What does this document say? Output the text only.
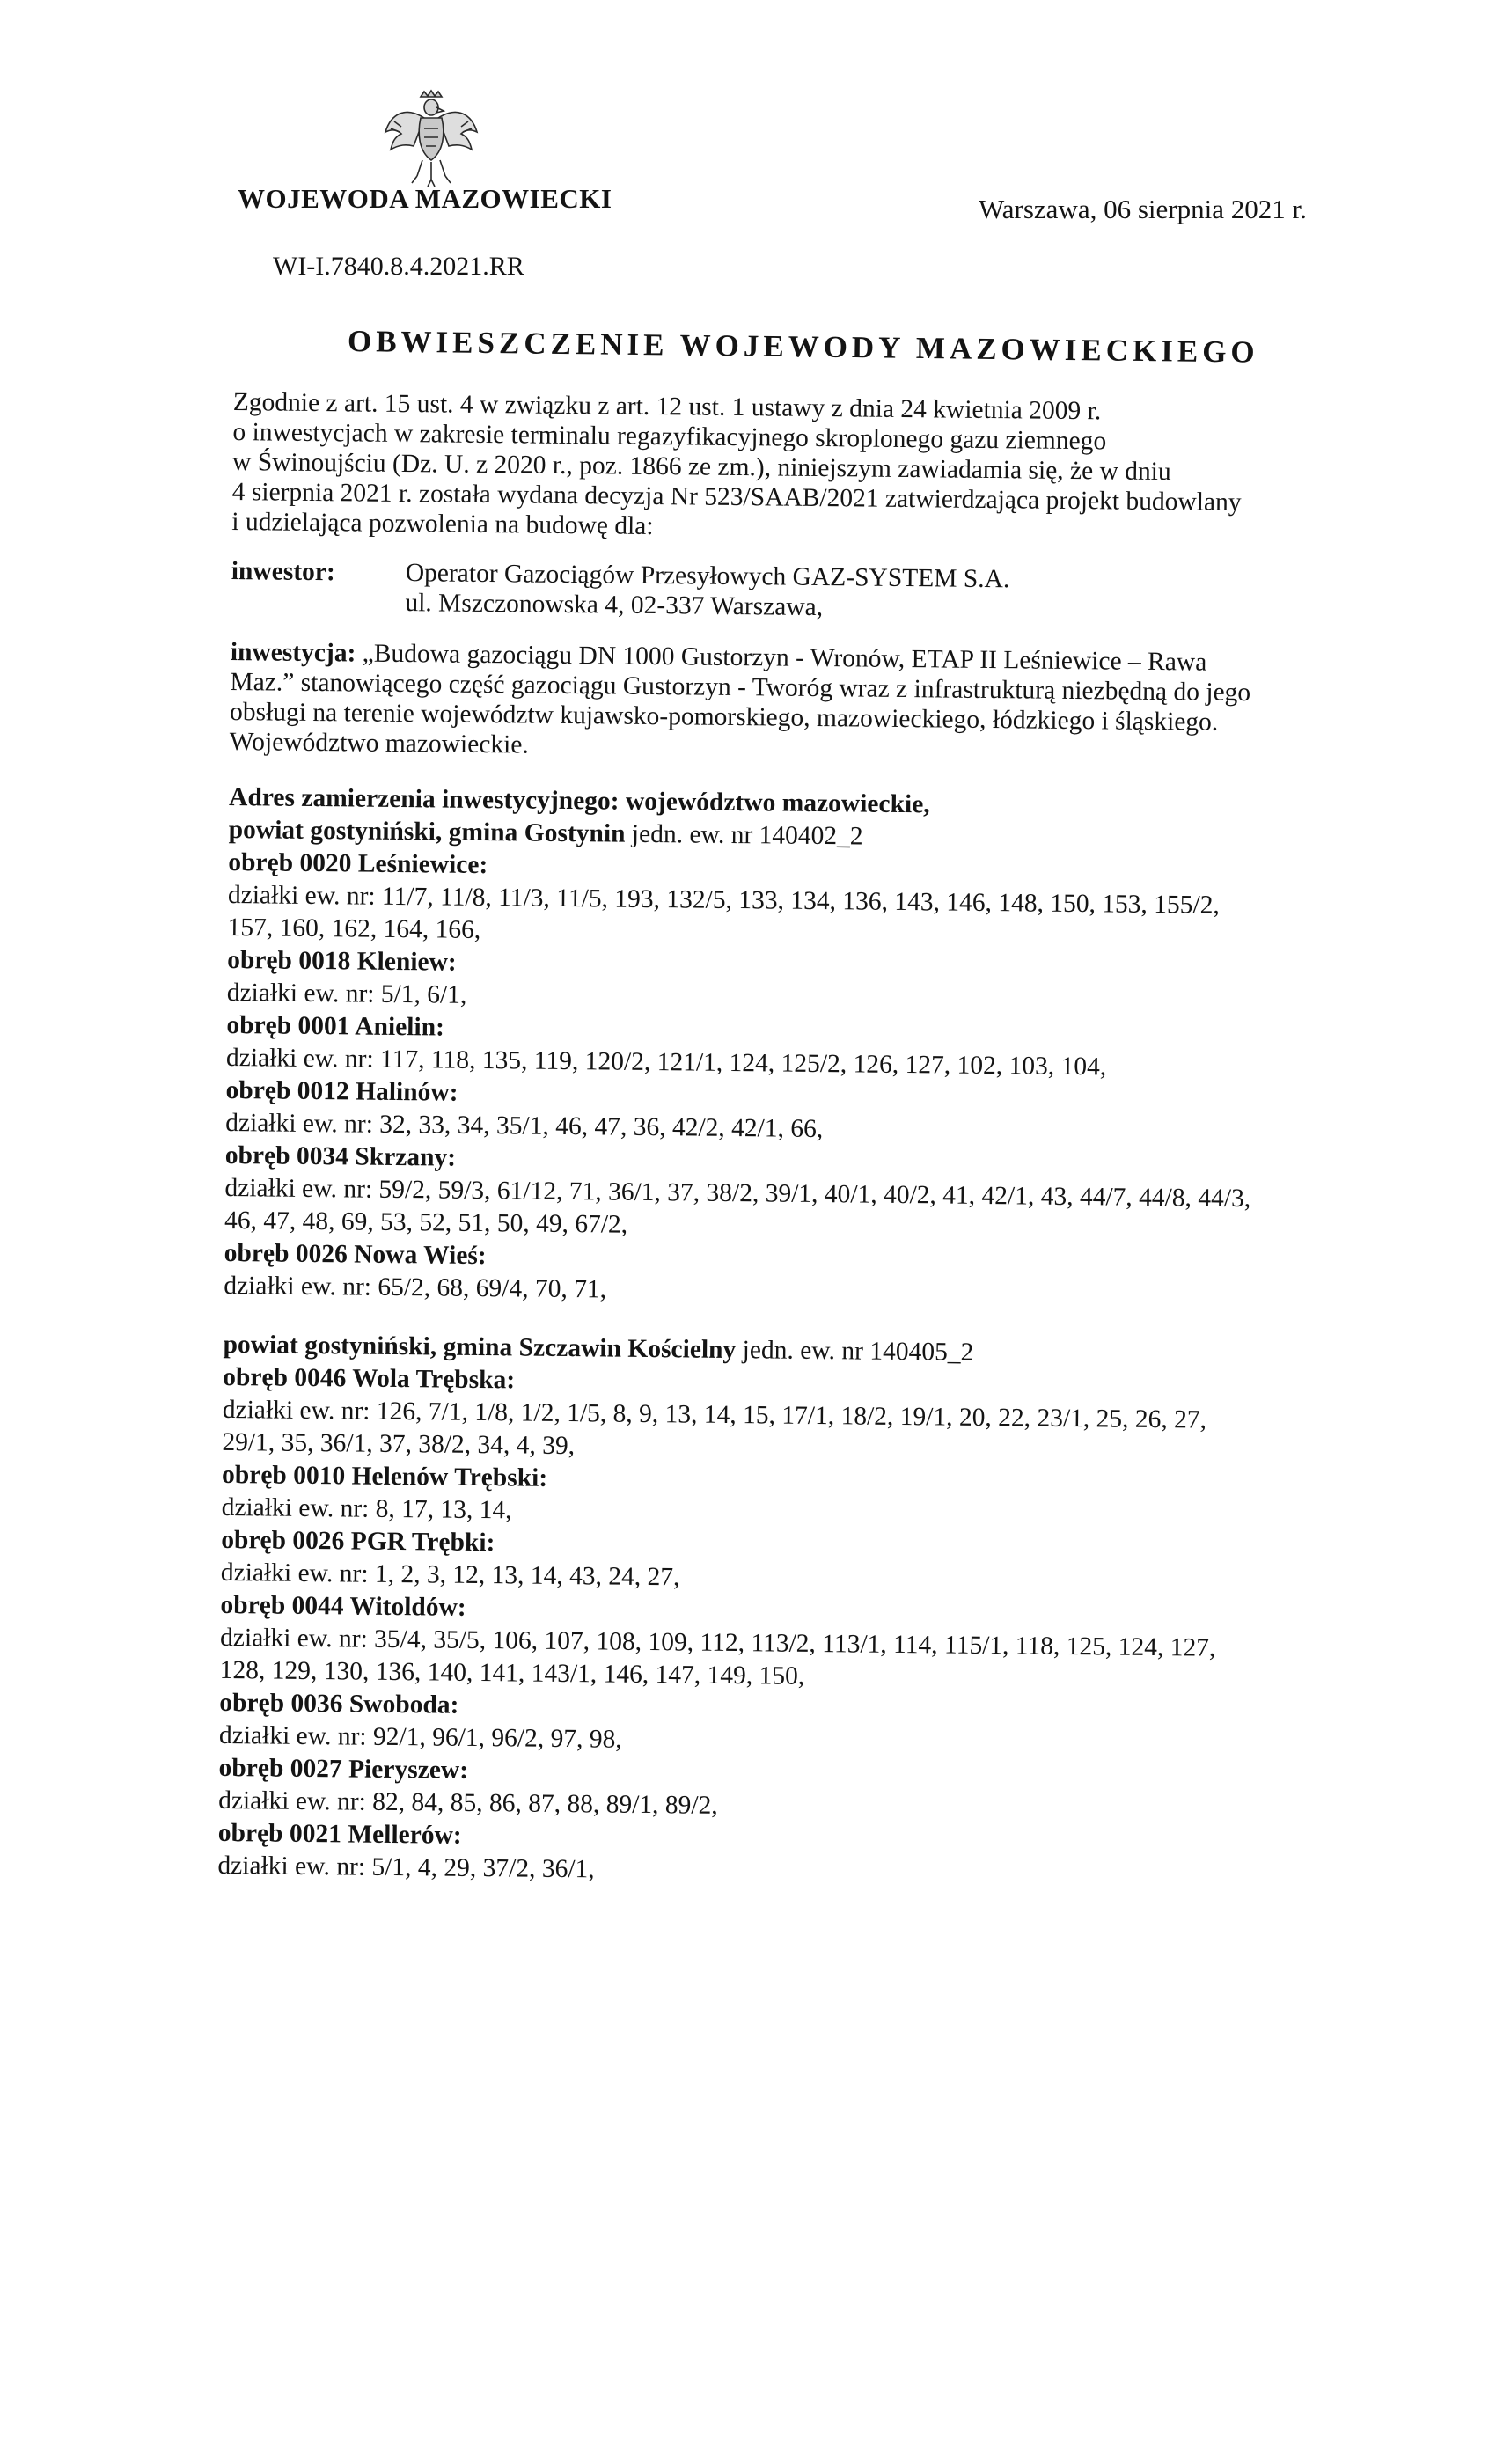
WOJEWODA MAZOWIECKI	Warszawa, 06 sierpnia 2021 r.
WI-I.7840.8.4.2021.RR
OBWIESZCZENIE WOJEWODY MAZOWIECKIEGO

Zgodnie z art. 15 ust. 4 w związku z art. 12 ust. 1 ustawy z dnia 24 kwietnia 2009 r.
o inwestycjach w zakresie terminalu regazyfikacyjnego skroplonego gazu ziemnego
w Świnoujściu (Dz. U. z 2020 r., poz. 1866 ze zm.), niniejszym zawiadamia się, że w dniu
4 sierpnia 2021 r. została wydana decyzja Nr 523/SAAB/2021 zatwierdzająca projekt budowlany
i udzielająca pozwolenia na budowę dla:

inwestor:	Operator Gazociągów Przesyłowych GAZ-SYSTEM S.A.
ul. Mszczonowska 4, 02-337 Warszawa,
inwestycja: „Budowa gazociągu DN 1000 Gustorzyn - Wronów, ETAP II Leśniewice – Rawa
Maz.” stanowiącego część gazociągu Gustorzyn - Tworóg wraz z infrastrukturą niezbędną do jego
obsługi na terenie województw kujawsko-pomorskiego, mazowieckiego, łódzkiego i śląskiego.
Województwo mazowieckie.
Adres zamierzenia inwestycyjnego: województwo mazowieckie,
powiat gostyniński, gmina Gostynin jedn. ew. nr 140402_2
obręb 0020 Leśniewice:
działki ew. nr: 11/7, 11/8, 11/3, 11/5, 193, 132/5, 133, 134, 136, 143, 146, 148, 150, 153, 155/2,
157, 160, 162, 164, 166,
obręb 0018 Kleniew:
działki ew. nr: 5/1, 6/1,
obręb 0001 Anielin:
działki ew. nr: 117, 118, 135, 119, 120/2, 121/1, 124, 125/2, 126, 127, 102, 103, 104,
obręb 0012 Halinów:
działki ew. nr: 32, 33, 34, 35/1, 46, 47, 36, 42/2, 42/1, 66,
obręb 0034 Skrzany:
działki ew. nr: 59/2, 59/3, 61/12, 71, 36/1, 37, 38/2, 39/1, 40/1, 40/2, 41, 42/1, 43, 44/7, 44/8, 44/3,
46, 47, 48, 69, 53, 52, 51, 50, 49, 67/2,
obręb 0026 Nowa Wieś:
działki ew. nr: 65/2, 68, 69/4, 70, 71,
powiat gostyniński, gmina Szczawin Kościelny jedn. ew. nr 140405_2
obręb 0046 Wola Trębska:
działki ew. nr: 126, 7/1, 1/8, 1/2, 1/5, 8, 9, 13, 14, 15, 17/1, 18/2, 19/1, 20, 22, 23/1, 25, 26, 27,
29/1, 35, 36/1, 37, 38/2, 34, 4, 39,
obręb 0010 Helenów Trębski:
działki ew. nr: 8, 17, 13, 14,
obręb 0026 PGR Trębki:
działki ew. nr: 1, 2, 3, 12, 13, 14, 43, 24, 27,
obręb 0044 Witoldów:
działki ew. nr: 35/4, 35/5, 106, 107, 108, 109, 112, 113/2, 113/1, 114, 115/1, 118, 125, 124, 127,
128, 129, 130, 136, 140, 141, 143/1, 146, 147, 149, 150,
obręb 0036 Swoboda:
działki ew. nr: 92/1, 96/1, 96/2, 97, 98,
obręb 0027 Pieryszew:
działki ew. nr: 82, 84, 85, 86, 87, 88, 89/1, 89/2,
obręb 0021 Mellerów:
działki ew. nr: 5/1, 4, 29, 37/2, 36/1,
